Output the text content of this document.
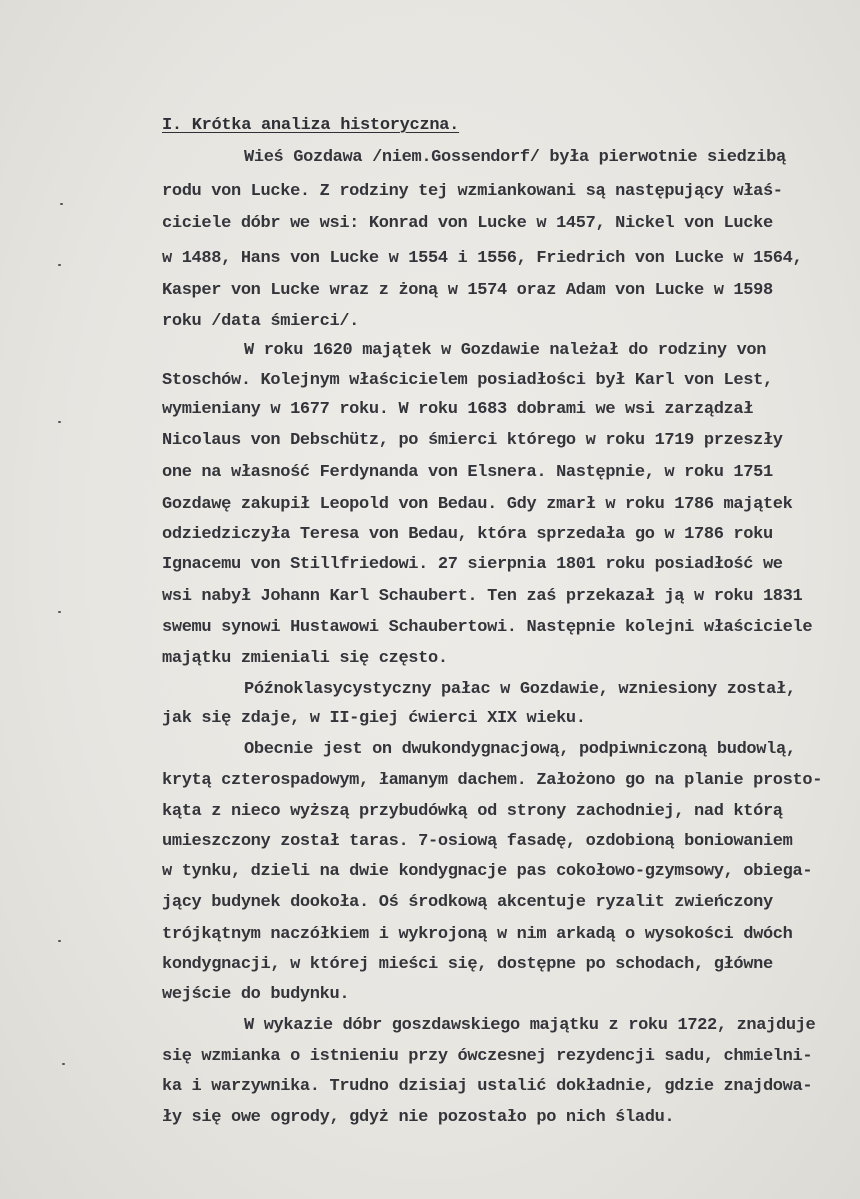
I. Krótka analiza historyczna.
Wieś Gozdawa /niem.Gossendorf/ była pierwotnie siedzibą
rodu von Lucke. Z rodziny tej wzmiankowani są następujący właś-
ciciele dóbr we wsi: Konrad von Lucke w 1457, Nickel von Lucke
w 1488, Hans von Lucke w 1554 i 1556, Friedrich von Lucke w 1564,
Kasper von Lucke wraz z żoną w 1574 oraz Adam von Lucke w 1598
roku /data śmierci/.
W roku 1620 majątek w Gozdawie należał do rodziny von
Stoschów. Kolejnym właścicielem posiadłości był Karl von Lest,
wymieniany w 1677 roku. W roku 1683 dobrami we wsi zarządzał
Nicolaus von Debschütz, po śmierci którego w roku 1719 przeszły
one na własność Ferdynanda von Elsnera. Następnie, w roku 1751
Gozdawę zakupił Leopold von Bedau. Gdy zmarł w roku 1786 majątek
odziedziczyła Teresa von Bedau, która sprzedała go w 1786 roku
Ignacemu von Stillfriedowi. 27 sierpnia 1801 roku posiadłość we
wsi nabył Johann Karl Schaubert. Ten zaś przekazał ją w roku 1831
swemu synowi Hustawowi Schaubertowi. Następnie kolejni właściciele
majątku zmieniali się często.
Późnoklasycystyczny pałac w Gozdawie, wzniesiony został,
jak się zdaje, w II-giej ćwierci XIX wieku.
Obecnie jest on dwukondygnacjową, podpiwniczoną budowlą,
krytą czterospadowym, łamanym dachem. Założono go na planie prosto-
kąta z nieco wyższą przybudówką od strony zachodniej, nad którą
umieszczony został taras. 7-osiową fasadę, ozdobioną boniowaniem
w tynku, dzieli na dwie kondygnacje pas cokołowo-gzymsowy, obiega-
jący budynek dookoła. Oś środkową akcentuje ryzalit zwieńczony
trójkątnym naczółkiem i wykrojoną w nim arkadą o wysokości dwóch
kondygnacji, w której mieści się, dostępne po schodach, główne
wejście do budynku.
W wykazie dóbr goszdawskiego majątku z roku 1722, znajduje
się wzmianka o istnieniu przy ówczesnej rezydencji sadu, chmielni-
ka i warzywnika. Trudno dzisiaj ustalić dokładnie, gdzie znajdowa-
ły się owe ogrody, gdyż nie pozostało po nich śladu.
